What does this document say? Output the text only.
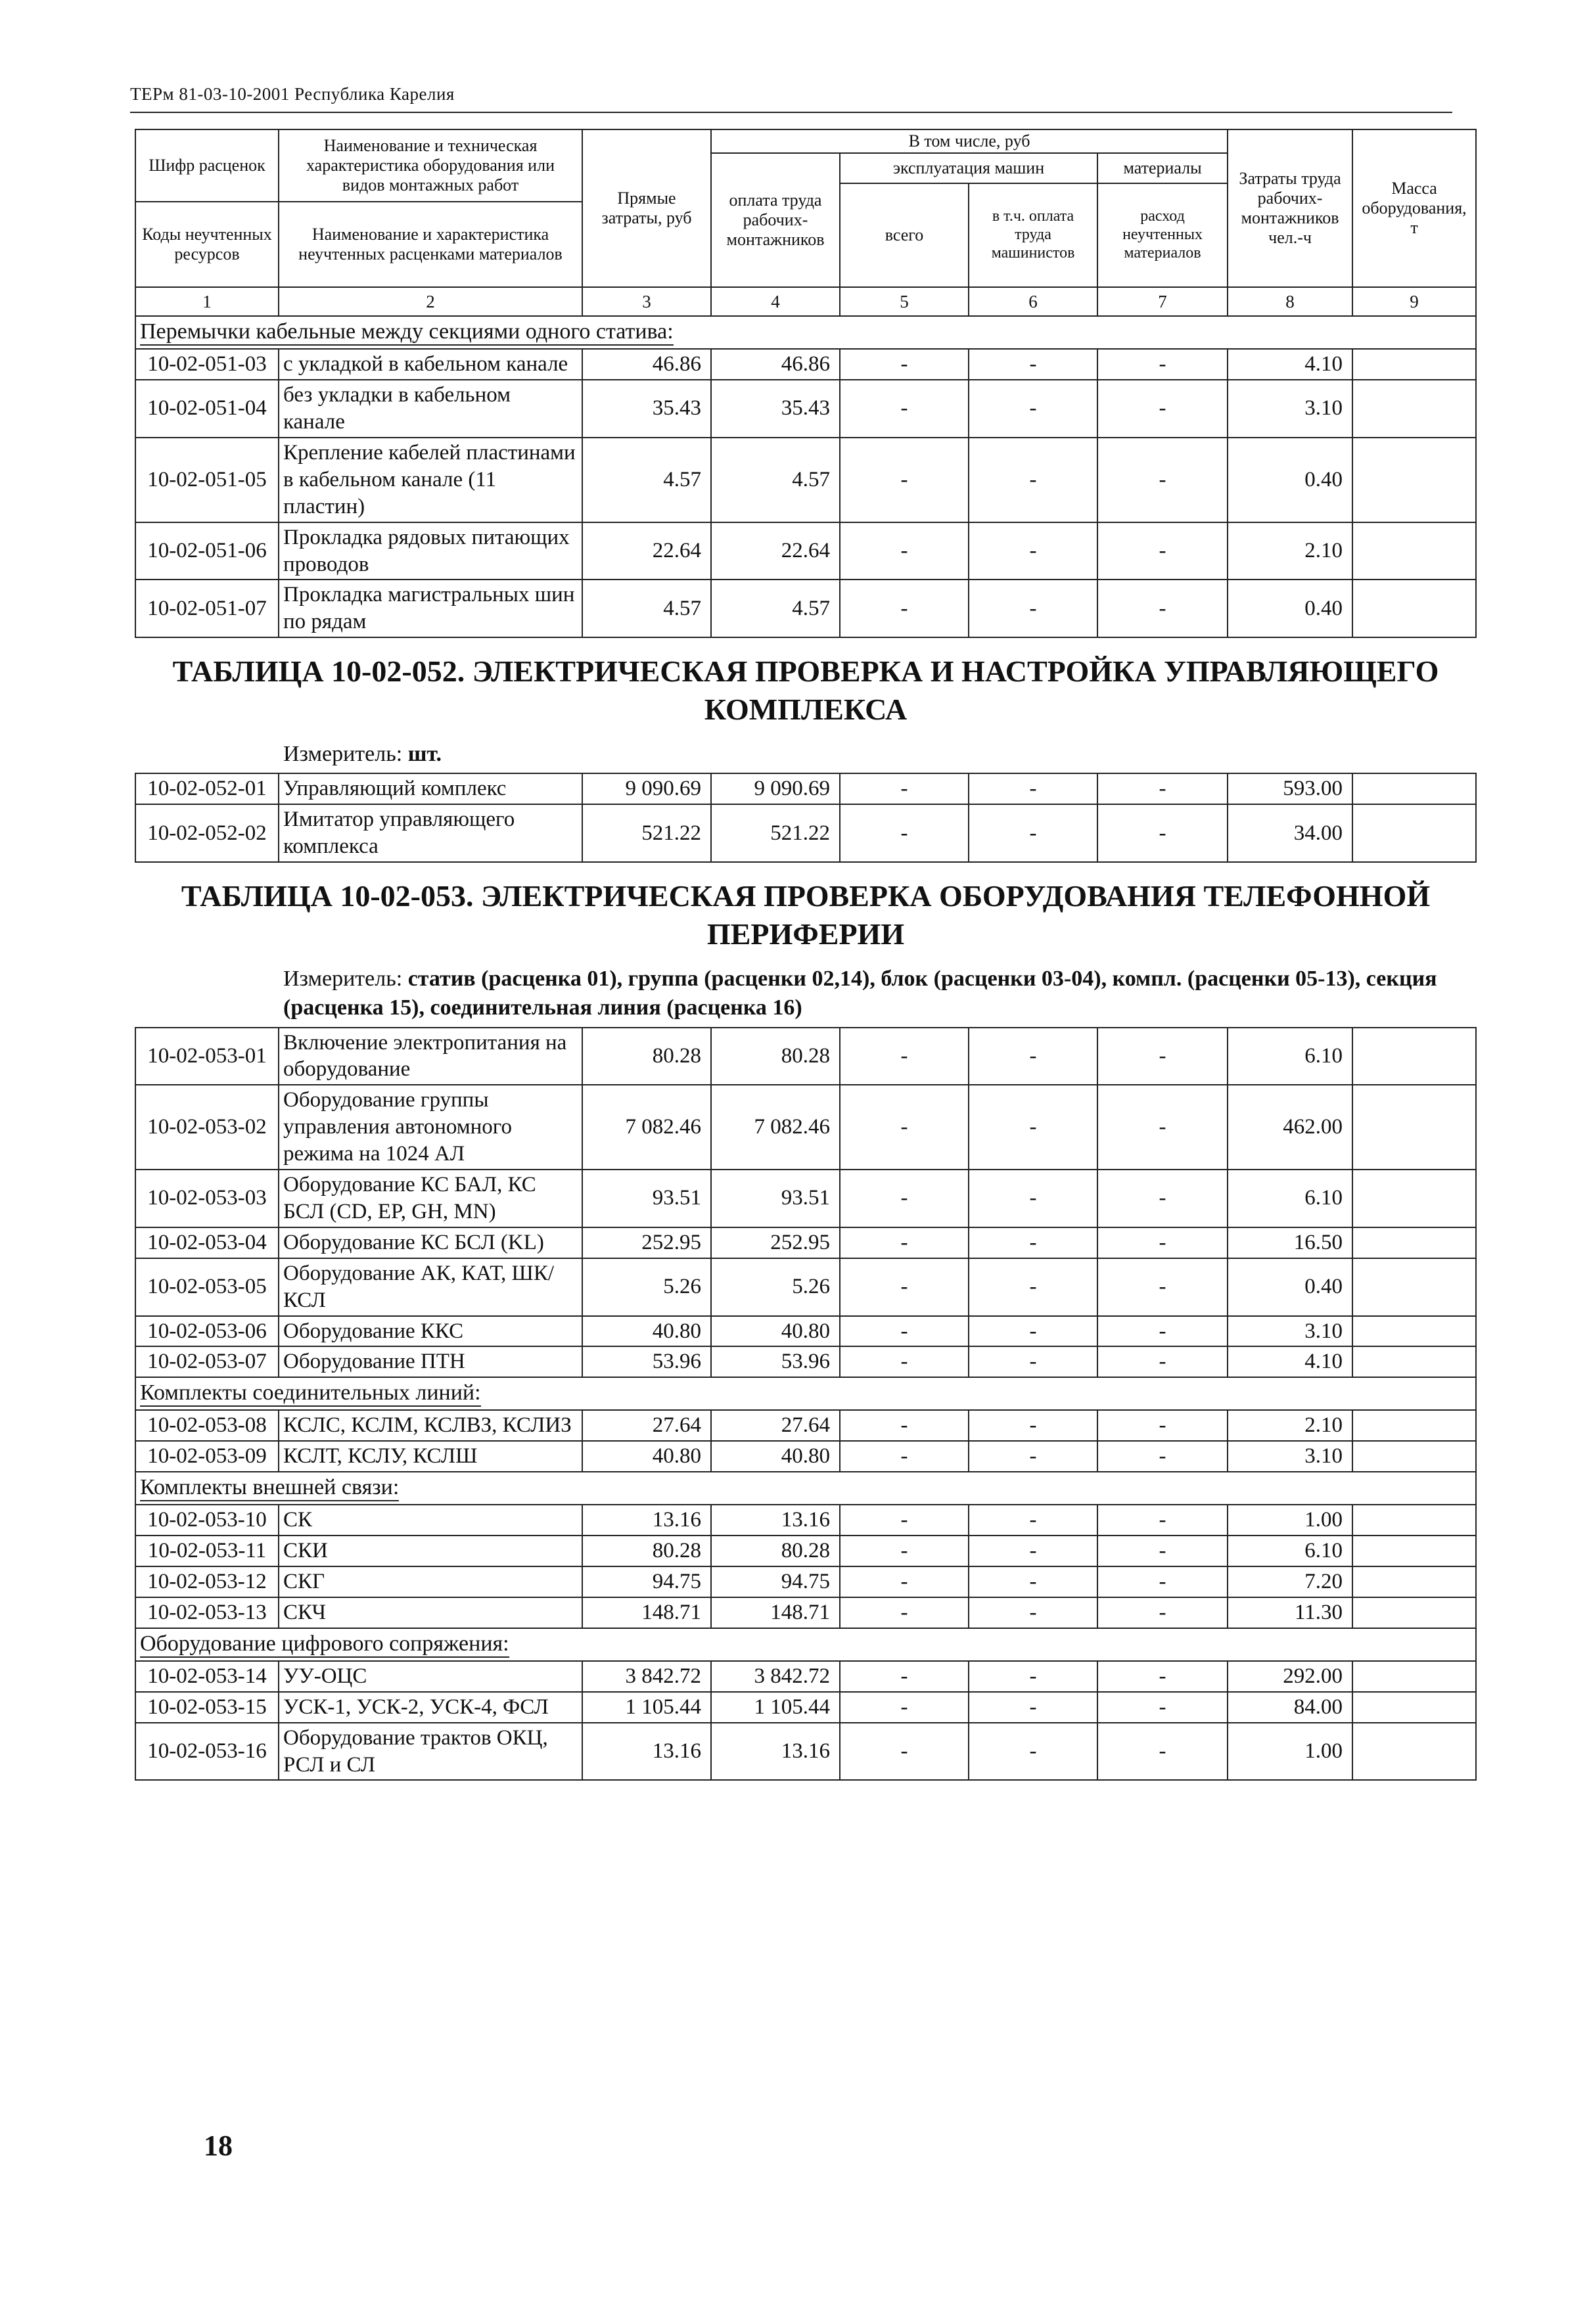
ТЕРм 81-03-10-2001 Республика Карелия
Шифр расценок	Наименование и техническая характеристика оборудования или видов монтажных работ	Прямые затраты, руб	В том числе, руб				Затраты труда рабочих-монтажников чел.-ч	Масса оборудования, т
			оплата труда рабочих-монтажников	эксплуатация машин		материалы		
				всего	в т.ч. оплата труда машинистов	расход неучтенных материалов		
Коды неучтенных ресурсов	Наименование и характеристика неучтенных расценками материалов							

1	2	3	4	5	6	7	8	9
Перемычки кабельные между секциями одного статива:								
10-02-051-03	с укладкой в кабельном канале	46.86	46.86	-	-	-	4.10	
10-02-051-04	без укладки в кабельном канале	35.43	35.43	-	-	-	3.10	
10-02-051-05	Крепление кабелей пластинами в кабельном канале (11 пластин)	4.57	4.57	-	-	-	0.40	
10-02-051-06	Прокладка рядовых питающих проводов	22.64	22.64	-	-	-	2.10	
10-02-051-07	Прокладка магистральных шин по рядам	4.57	4.57	-	-	-	0.40	

ТАБЛИЦА 10-02-052. ЭЛЕКТРИЧЕСКАЯ ПРОВЕРКА И НАСТРОЙКА УПРАВЛЯЮЩЕГО КОМПЛЕКСА
Измеритель: шт.								

10-02-052-01	Управляющий комплекс	9 090.69	9 090.69	-	-	-	593.00	
10-02-052-02	Имитатор управляющего комплекса	521.22	521.22	-	-	-	34.00	

ТАБЛИЦА 10-02-053. ЭЛЕКТРИЧЕСКАЯ ПРОВЕРКА ОБОРУДОВАНИЯ ТЕЛЕФОННОЙ ПЕРИФЕРИИ
Измеритель: статив (расценка 01), группа (расценки 02,14), блок (расценки 03-04), компл. (расценки 05-13), секция (расценка 15), соединительная линия (расценка 16)								

10-02-053-01	Включение электропитания на оборудование	80.28	80.28	-	-	-	6.10	
10-02-053-02	Оборудование группы управления автономного режима на 1024 АЛ	7 082.46	7 082.46	-	-	-	462.00	
10-02-053-03	Оборудование КС БАЛ, КС БСЛ (CD, EP, GH, MN)	93.51	93.51	-	-	-	6.10	
10-02-053-04	Оборудование КС БСЛ (KL)	252.95	252.95	-	-	-	16.50	
10-02-053-05	Оборудование АК, КАТ, ШК/КСЛ	5.26	5.26	-	-	-	0.40	
10-02-053-06	Оборудование ККС	40.80	40.80	-	-	-	3.10	
10-02-053-07	Оборудование ПТН	53.96	53.96	-	-	-	4.10	
Комплекты соединительных линий:								
10-02-053-08	КСЛС, КСЛМ, КСЛВЗ, КСЛИЗ	27.64	27.64	-	-	-	2.10	
10-02-053-09	КСЛТ, КСЛУ, КСЛШ	40.80	40.80	-	-	-	3.10	
Комплекты внешней связи:								
10-02-053-10	СК	13.16	13.16	-	-	-	1.00	
10-02-053-11	СКИ	80.28	80.28	-	-	-	6.10	
10-02-053-12	СКГ	94.75	94.75	-	-	-	7.20	
10-02-053-13	СКЧ	148.71	148.71	-	-	-	11.30	
Оборудование цифрового сопряжения:								
10-02-053-14	УУ-ОЦС	3 842.72	3 842.72	-	-	-	292.00	
10-02-053-15	УСК-1, УСК-2, УСК-4, ФСЛ	1 105.44	1 105.44	-	-	-	84.00	
10-02-053-16	Оборудование трактов ОКЦ, РСЛ и СЛ	13.16	13.16	-	-	-	1.00	
18
